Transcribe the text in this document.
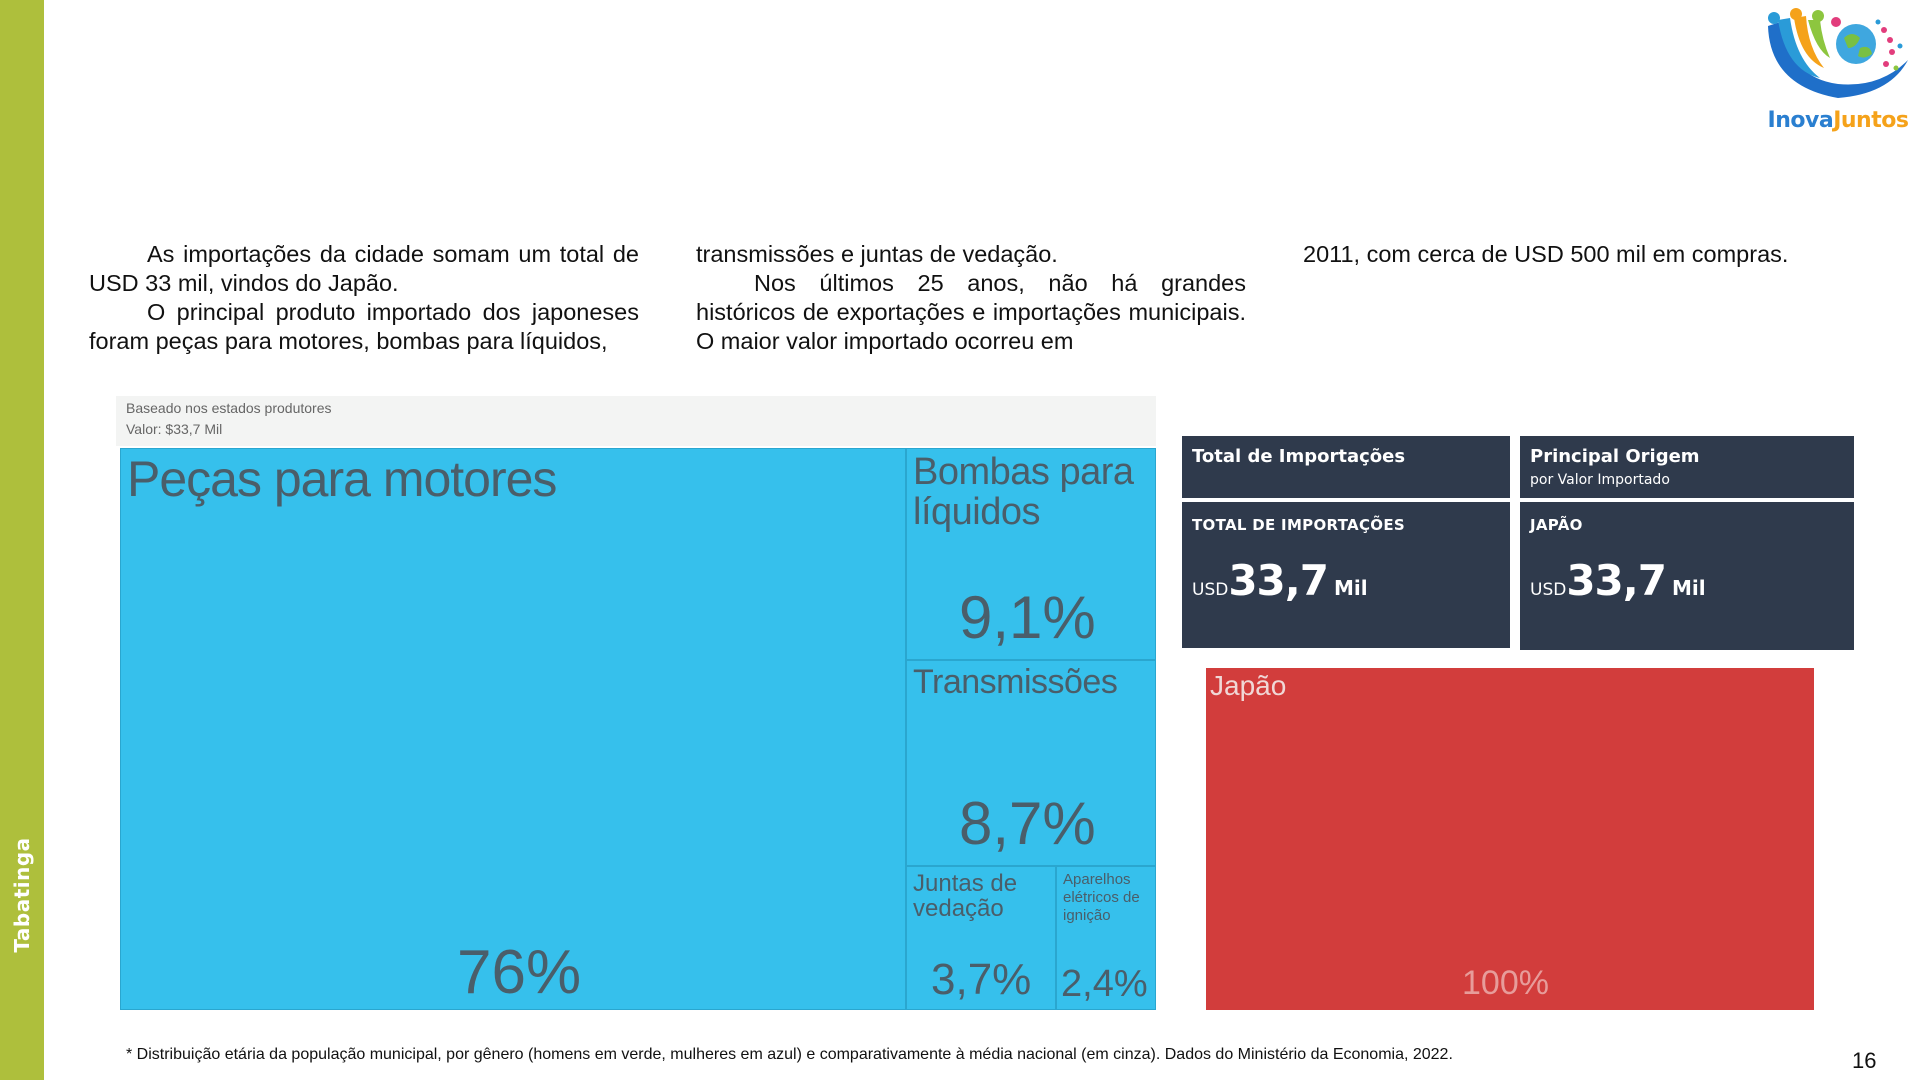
Tabatinga
InovaJuntos

As importações da cidade somam um total de USD 33 mil, vindos do Japão.

O principal produto importado dos japoneses foram peças para motores, bombas para líquidos,

transmissões e juntas de vedação.

Nos últimos 25 anos, não há grandes históricos de exportações e importações municipais. O maior valor importado ocorreu em

2011, com cerca de USD 500 mil em compras.

Baseado nos estados produtores
Valor: $33,7 Mil
Peças para motores
76%
Bombas para líquidos
9,1%
Transmissões
8,7%
Juntas de vedação
3,7%
Aparelhos elétricos de ignição
2,4%
Total de Importações	Principal Origem
por Valor Importado
TOTAL DE IMPORTAÇÕES
USD33,7 Mil
JAPÃO
USD33,7 Mil
Japão
100%
* Distribuição etária da população municipal, por gênero (homens em verde, mulheres em azul) e comparativamente à média nacional (em cinza). Dados do Ministério da Economia, 2022.	16
